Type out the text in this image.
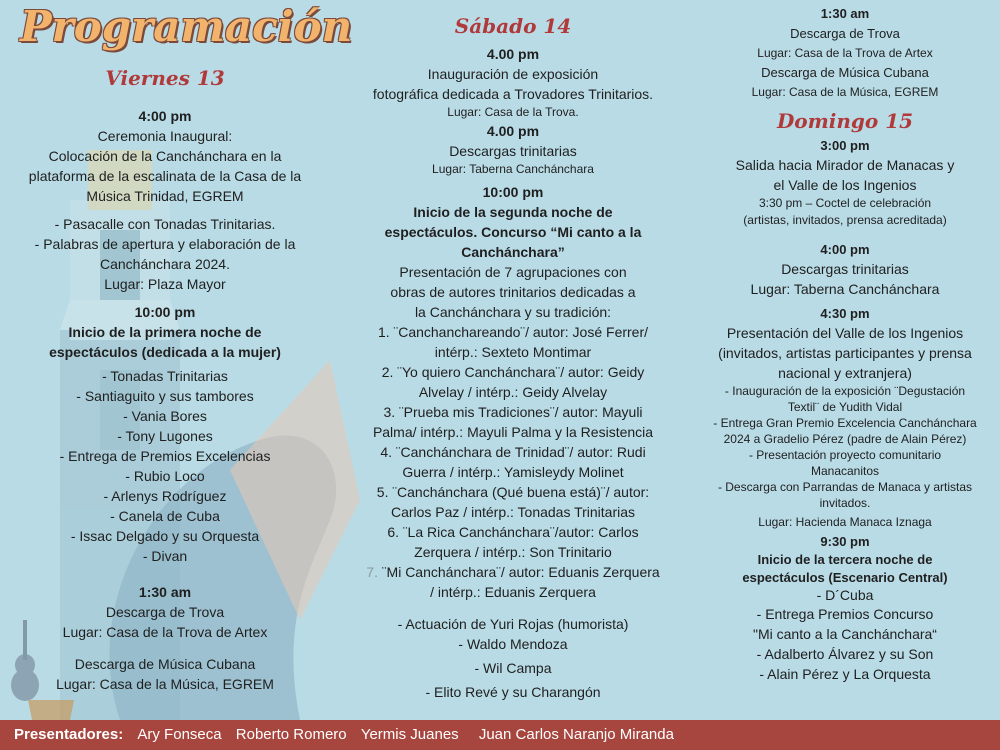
Programación

Viernes 13

4:00 pm

Ceremonia Inaugural:

Colocación de la Canchánchara en la

plataforma de la escalinata de la Casa de la

Música Trinidad, EGREM

- Pasacalle con Tonadas Trinitarias.

- Palabras de apertura y elaboración de la

Canchánchara 2024.

Lugar: Plaza Mayor

10:00 pm

Inicio de la primera noche de

espectáculos (dedicada a la mujer)

- Tonadas Trinitarias

- Santiaguito y sus tambores

- Vania Bores

- Tony Lugones

- Entrega de Premios Excelencias

- Rubio Loco

- Arlenys Rodríguez

- Canela de Cuba

- Issac Delgado y su Orquesta

- Divan

1:30 am

Descarga de Trova

Lugar: Casa de la Trova de Artex

Descarga de Música Cubana

Lugar: Casa de la Música, EGREM

Sábado 14

4.00 pm

Inauguración de exposición

fotográfica dedicada a Trovadores Trinitarios.

Lugar: Casa de la Trova.

4.00 pm

Descargas trinitarias

Lugar: Taberna Canchánchara

10:00 pm

Inicio de la segunda noche de

espectáculos. Concurso “Mi canto a la

Canchánchara”

Presentación de 7 agrupaciones con

obras de autores trinitarios dedicadas a

la Canchánchara y su tradición:

1. ¨Canchanchareando¨/ autor: José Ferrer/

intérp.: Sexteto Montimar

2. ¨Yo quiero Canchánchara¨/ autor: Geidy

Alvelay / intérp.: Geidy Alvelay

3. ¨Prueba mis Tradiciones¨/ autor: Mayuli

Palma/ intérp.: Mayuli Palma y la Resistencia

4. ¨Canchánchara de Trinidad¨/ autor: Rudi

Guerra / intérp.: Yamisleydy Molinet

5. ¨Canchánchara (Qué buena está)¨/ autor:

Carlos Paz / intérp.: Tonadas Trinitarias

6. ¨La Rica Canchánchara¨/autor: Carlos

Zerquera / intérp.: Son Trinitario

7. ¨Mi Canchánchara¨/ autor: Eduanis Zerquera

/ intérp.: Eduanis Zerquera

- Actuación de Yuri Rojas (humorista)

- Waldo Mendoza

- Wil Campa

- Elito Revé y su Charangón

1:30 am

Descarga de Trova

Lugar: Casa de la Trova de Artex

Descarga de Música Cubana

Lugar: Casa de la Música, EGREM

Domingo 15

3:00 pm

Salida hacia Mirador de Manacas y

el Valle de los Ingenios

3:30 pm – Coctel de celebración

(artistas, invitados, prensa acreditada)

4:00 pm

Descargas trinitarias

Lugar: Taberna Canchánchara

4:30 pm

Presentación del Valle de los Ingenios

(invitados, artistas participantes y prensa

nacional y extranjera)

- Inauguración de la exposición ¨Degustación

Textil¨ de Yudith Vidal

- Entrega Gran Premio Excelencia Canchánchara

2024 a Gradelio Pérez (padre de Alain Pérez)

- Presentación proyecto comunitario

Manacanitos

- Descarga con Parrandas de Manaca y artistas

invitados.

Lugar: Hacienda Manaca Iznaga

9:30 pm

Inicio de la tercera noche de

espectáculos (Escenario Central)

- D´Cuba

- Entrega Premios Concurso

"Mi canto a la Canchánchara“

- Adalberto Álvarez y su Son

- Alain Pérez y La Orquesta

Presentadores: Ary Fonseca Roberto Romero Yermis Juanes Juan Carlos Naranjo Miranda
